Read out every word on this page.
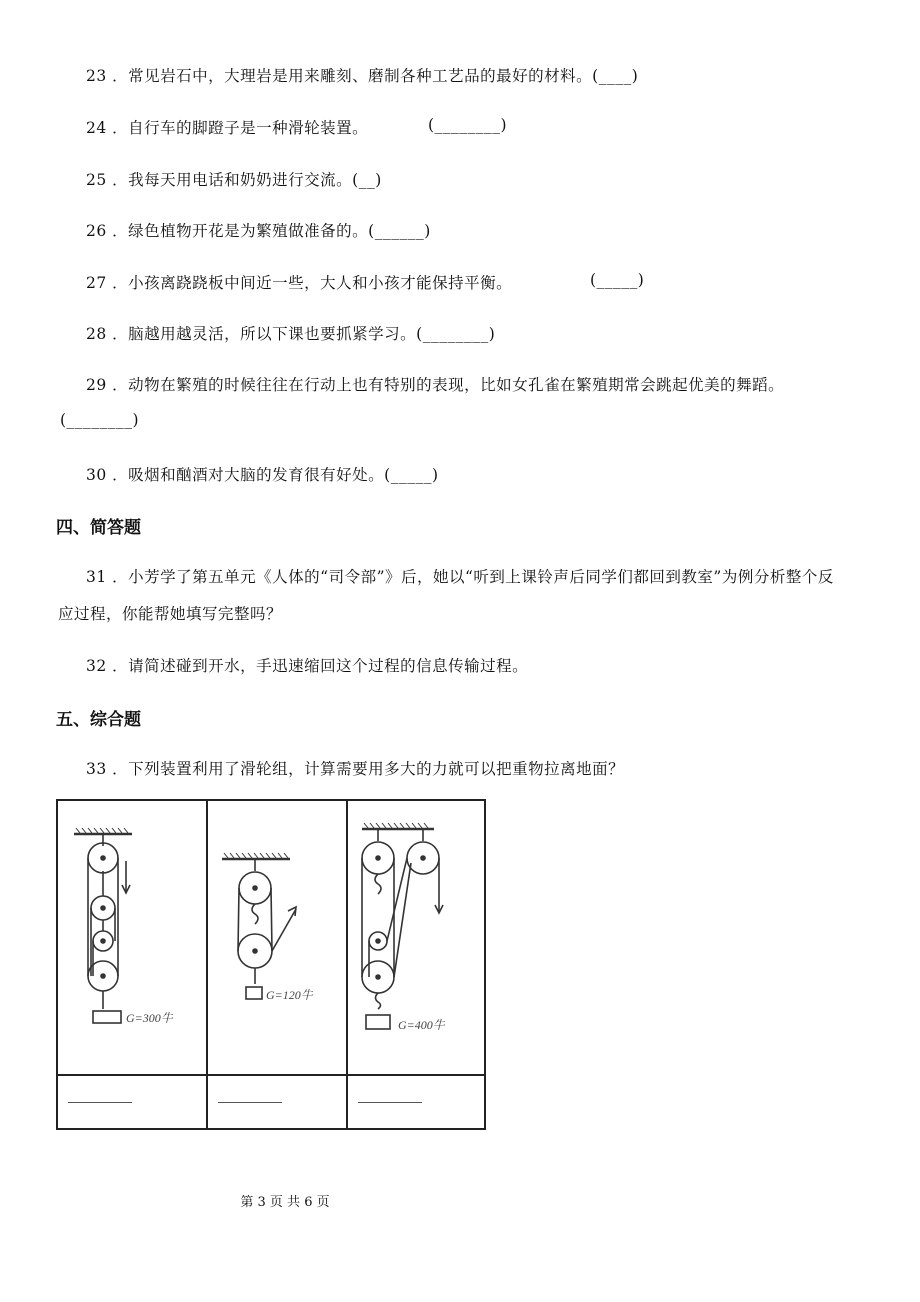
23 ．常见岩石中，大理岩是用来雕刻、磨制各种工艺品的最好的材料。(____)
24 ．自行车的脚蹬子是一种滑轮装置。	(________)
25 ．我每天用电话和奶奶进行交流。(__)
26 ．绿色植物开花是为繁殖做准备的。(______)
27 ．小孩离跷跷板中间近一些，大人和小孩才能保持平衡。	(_____)
28 ．脑越用越灵活，所以下课也要抓紧学习。(________)
29 ．动物在繁殖的时候往往在行动上也有特别的表现，比如女孔雀在繁殖期常会跳起优美的舞蹈。
(________)
30 ．吸烟和酗酒对大脑的发育很有好处。(_____)
四、简答题
31 ．小芳学了第五单元《人体的“司令部”》后，她以“听到上课铃声后同学们都回到教室”为例分析整个反
应过程，你能帮她填写完整吗？
32 ．请简述碰到开水，手迅速缩回这个过程的信息传输过程。
五、综合题
33 ．下列装置利用了滑轮组，计算需要用多大的力就可以把重物拉离地面？
G=300牛	G=120牛	G=400牛

第 3 页 共 6 页
